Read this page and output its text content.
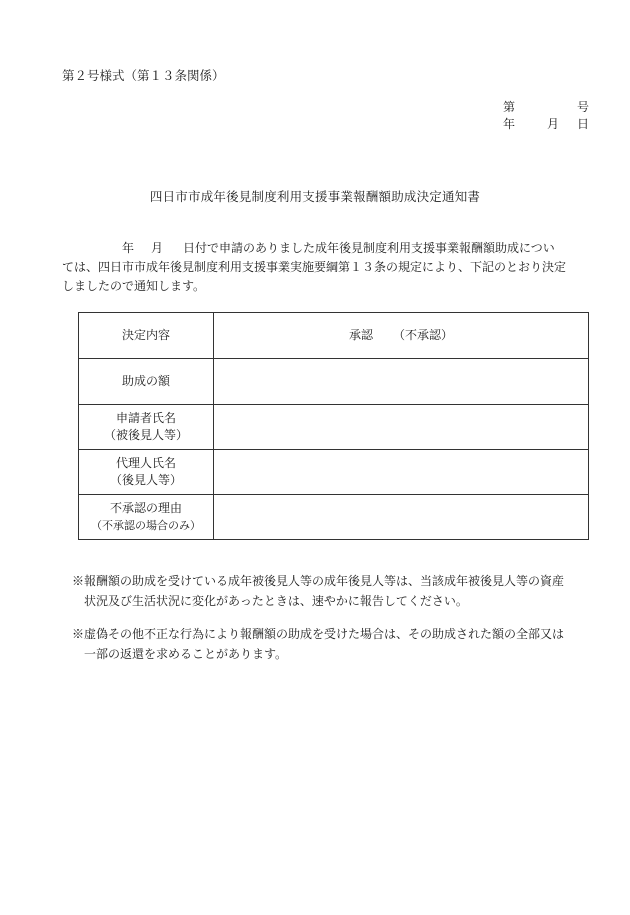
第２号様式（第１３条関係）
第	号
年	月 日
四日市市成年後見制度利用支援事業報酬額助成決定通知書
年 月 日付で申請のありました成年後見制度利用支援事業報酬額助成につい
ては、四日市市成年後見制度利用支援事業実施要綱第１３条の規定により、下記のとおり決定
しましたので通知します。
決定内容	承認 （不承認）
助成の額	

申請者氏名
（被後見人等）	

代理人氏名
（後見人等）	

不承認の理由
（不承認の場合のみ）	

※報酬額の助成を受けている成年被後見人等の成年後見人等は、当該成年被後見人等の資産
状況及び生活状況に変化があったときは、速やかに報告してください。
※虚偽その他不正な行為により報酬額の助成を受けた場合は、その助成された額の全部又は
一部の返還を求めることがあります。
